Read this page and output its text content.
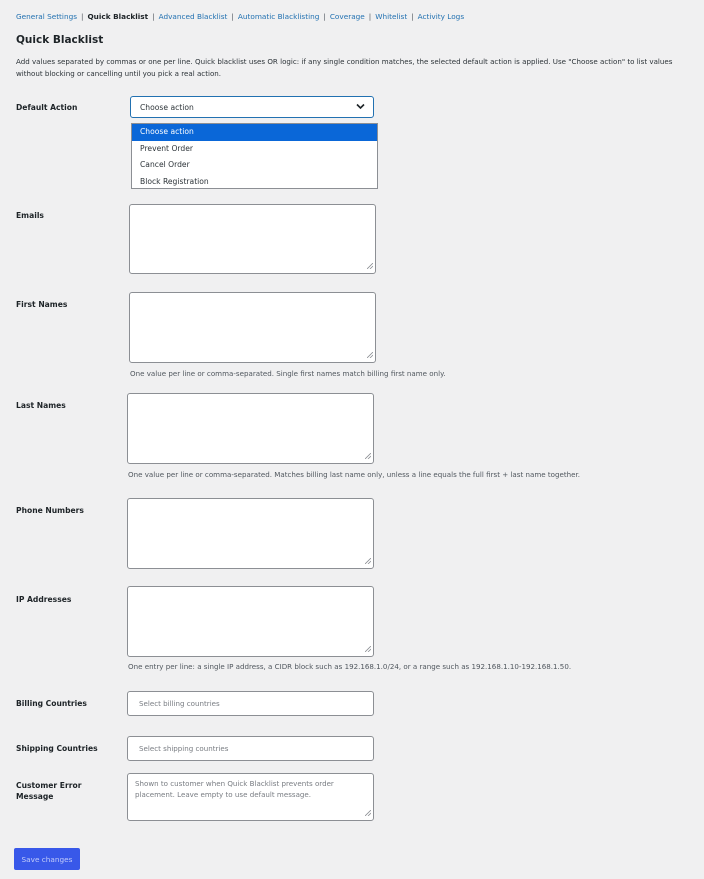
General Settings | Quick Blacklist | Advanced Blacklist | Automatic Blacklisting | Coverage | Whitelist | Activity Logs
Quick Blacklist
Add values separated by commas or one per line. Quick blacklist uses OR logic: if any single condition matches, the selected default action is applied. Use "Choose action" to list values without blocking or cancelling until you pick a real action.
Default Action	Choose action
Choose action
Prevent Order
Cancel Order
Block Registration
Emails
First Names
One value per line or comma-separated. Single first names match billing first name only.
Last Names
One value per line or comma-separated. Matches billing last name only, unless a line equals the full first + last name together.
Phone Numbers
IP Addresses
One entry per line: a single IP address, a CIDR block such as 192.168.1.0/24, or a range such as 192.168.1.10-192.168.1.50.
Billing Countries	Select billing countries
Shipping Countries	Select shipping countries
Customer Error
Message
Shown to customer when Quick Blacklist prevents order placement. Leave empty to use default message.
Save changes
